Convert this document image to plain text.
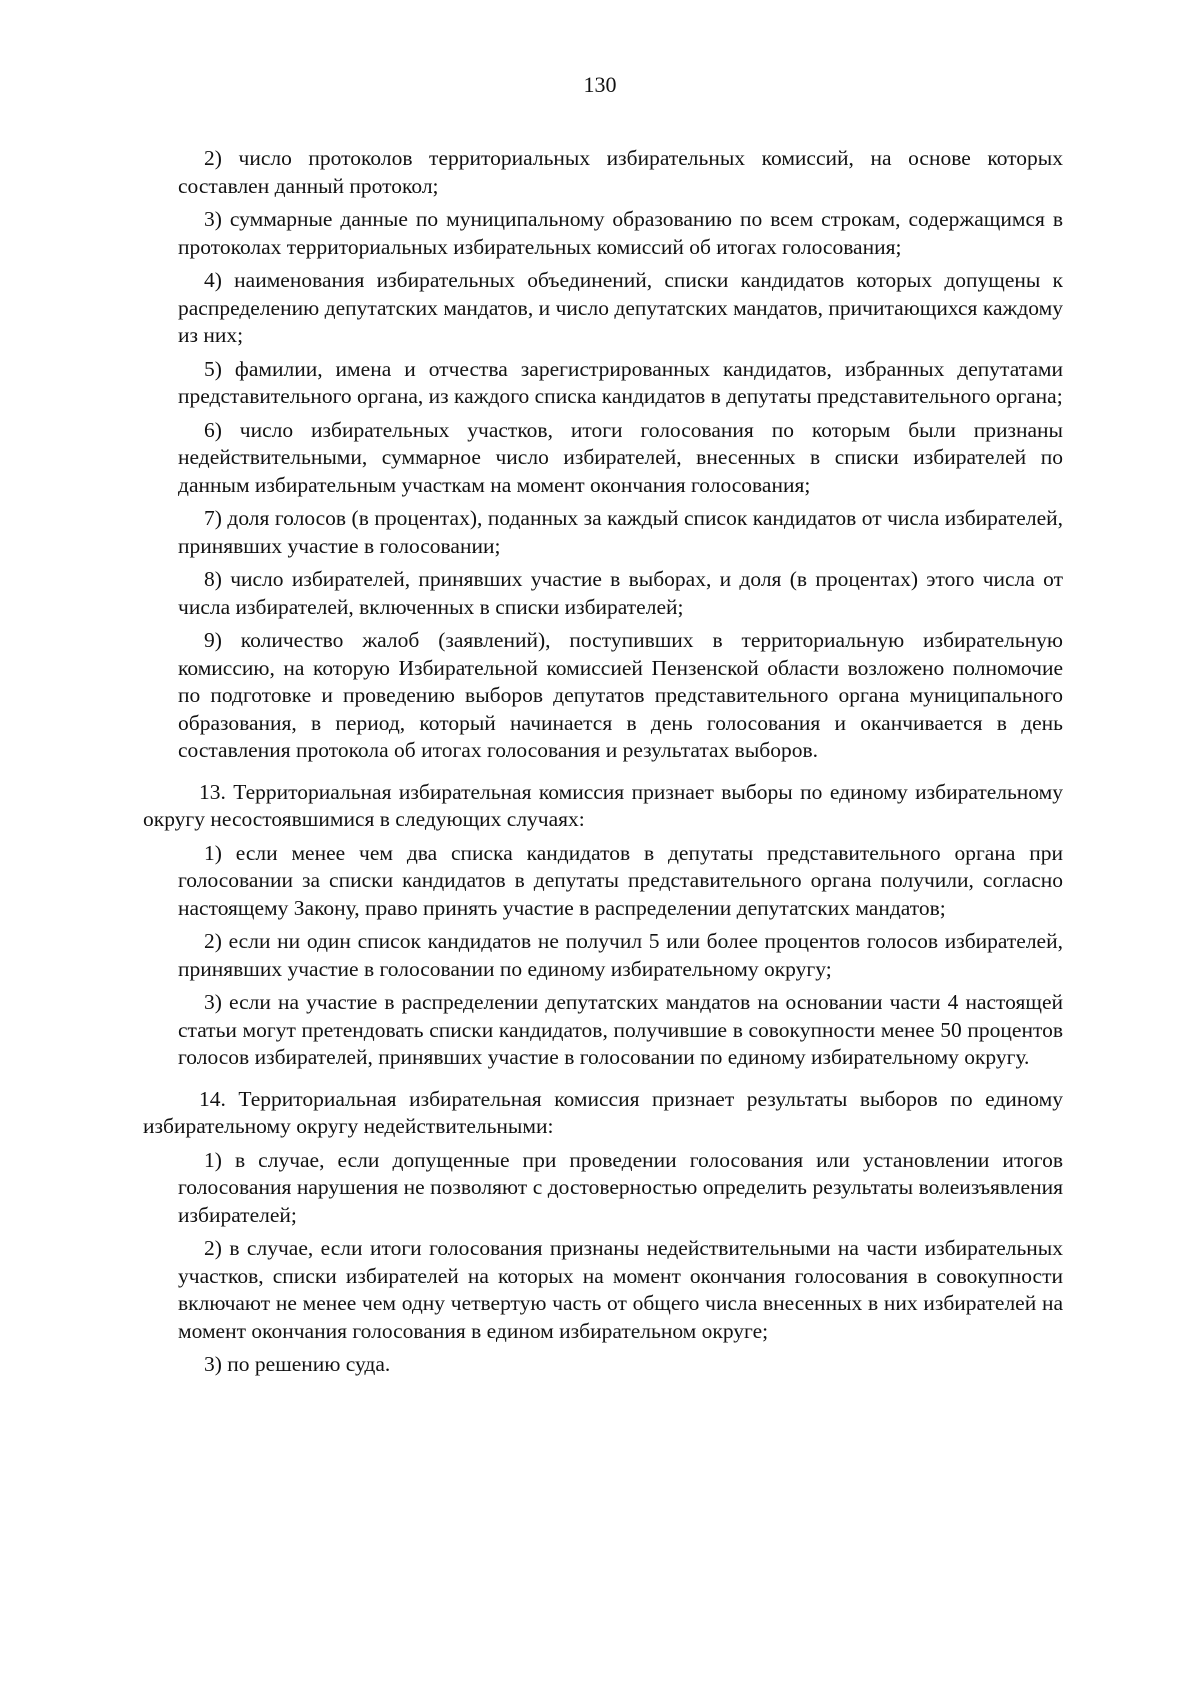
130

2) число протоколов территориальных избирательных комиссий, на основе которых составлен данный протокол;

3) суммарные данные по муниципальному образованию по всем строкам, содержащимся в протоколах территориальных избирательных комиссий об итогах голосования;

4) наименования избирательных объединений, списки кандидатов которых допущены к распределению депутатских мандатов, и число депутатских мандатов, причитающихся каждому из них;

5) фамилии, имена и отчества зарегистрированных кандидатов, избранных депутатами представительного органа, из каждого списка кандидатов в депутаты представительного органа;

6) число избирательных участков, итоги голосования по которым были признаны недействительными, суммарное число избирателей, внесенных в списки избирателей по данным избирательным участкам на момент окончания голосования;

7) доля голосов (в процентах), поданных за каждый список кандидатов от числа избирателей, принявших участие в голосовании;

8) число избирателей, принявших участие в выборах, и доля (в процентах) этого числа от числа избирателей, включенных в списки избирателей;

9) количество жалоб (заявлений), поступивших в территориальную избирательную комиссию, на которую Избирательной комиссией Пензенской области возложено полномочие по подготовке и проведению выборов депутатов представительного органа муниципального образования, в период, который начинается в день голосования и оканчивается в день составления протокола об итогах голосования и результатах выборов.

13. Территориальная избирательная комиссия признает выборы по единому избирательному округу несостоявшимися в следующих случаях:

1) если менее чем два списка кандидатов в депутаты представительного органа при голосовании за списки кандидатов в депутаты представительного органа получили, согласно настоящему Закону, право принять участие в распределении депутатских мандатов;

2) если ни один список кандидатов не получил 5 или более процентов голосов избирателей, принявших участие в голосовании по единому избирательному округу;

3) если на участие в распределении депутатских мандатов на основании части 4 настоящей статьи могут претендовать списки кандидатов, получившие в совокупности менее 50 процентов голосов избирателей, принявших участие в голосовании по единому избирательному округу.

14. Территориальная избирательная комиссия признает результаты выборов по единому избирательному округу недействительными:

1) в случае, если допущенные при проведении голосования или установлении итогов голосования нарушения не позволяют с достоверностью определить результаты волеизъявления избирателей;

2) в случае, если итоги голосования признаны недействительными на части избирательных участков, списки избирателей на которых на момент окончания голосования в совокупности включают не менее чем одну четвертую часть от общего числа внесенных в них избирателей на момент окончания голосования в едином избирательном округе;

3) по решению суда.
